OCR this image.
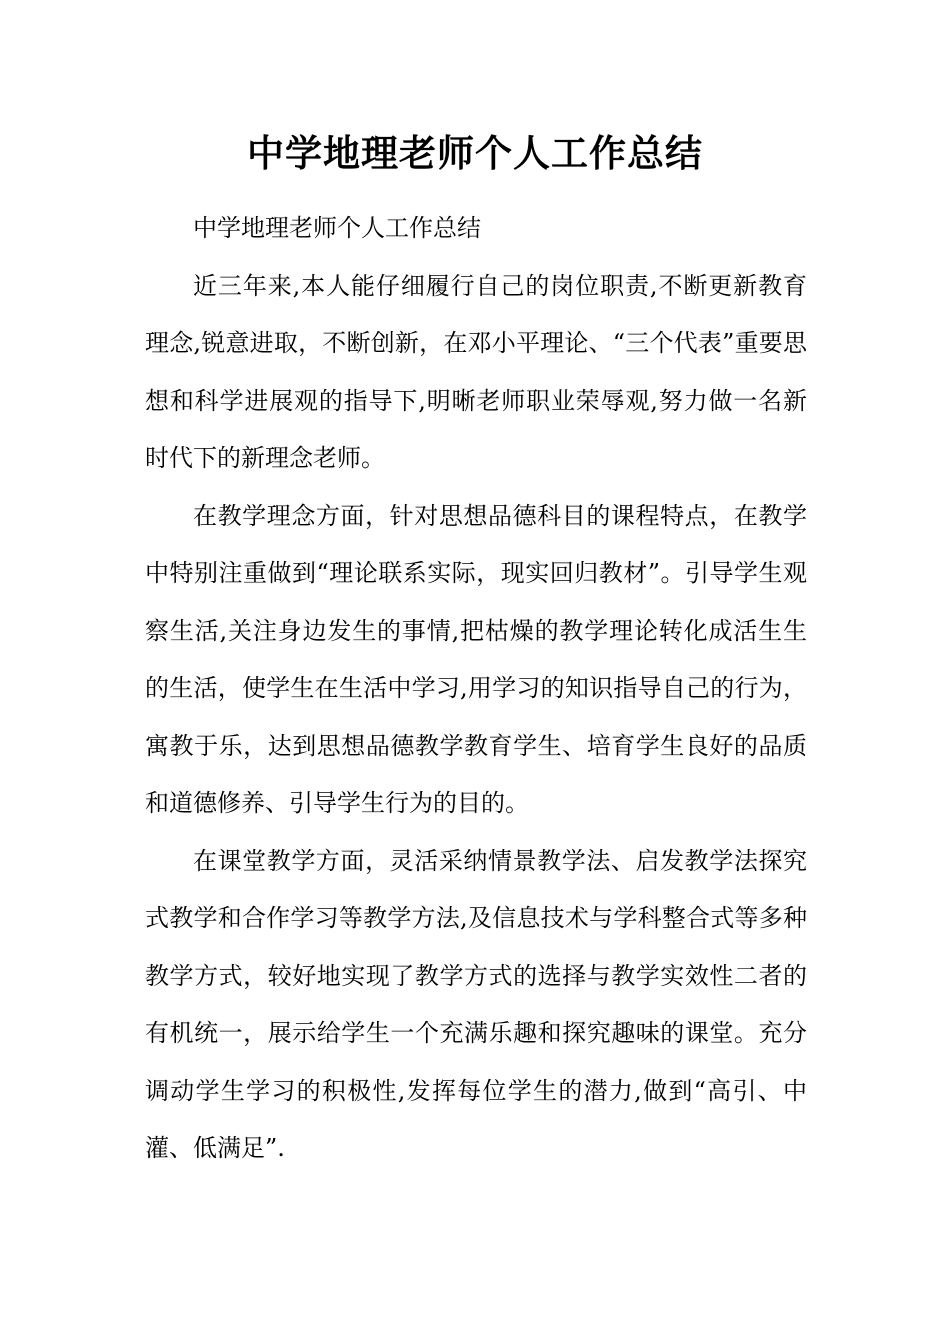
中学地理老师个人工作总结

中学地理老师个人工作总结

近三年来,本人能仔细履行自己的岗位职责,不断更新教育理念,锐意进取，不断创新，在邓小平理论、“三个代表”重要思想和科学进展观的指导下,明晰老师职业荣辱观,努力做一名新时代下的新理念老师。

在教学理念方面，针对思想品德科目的课程特点，在教学中特别注重做到“理论联系实际，现实回归教材”。引导学生观察生活,关注身边发生的事情,把枯燥的教学理论转化成活生生的生活，使学生在生活中学习,用学习的知识指导自己的行为，寓教于乐，达到思想品德教学教育学生、培育学生良好的品质和道德修养、引导学生行为的目的。

在课堂教学方面，灵活采纳情景教学法、启发教学法探究式教学和合作学习等教学方法,及信息技术与学科整合式等多种教学方式，较好地实现了教学方式的选择与教学实效性二者的有机统一，展示给学生一个充满乐趣和探究趣味的课堂。充分调动学生学习的积极性,发挥每位学生的潜力,做到“高引、中灌、低满足”.
